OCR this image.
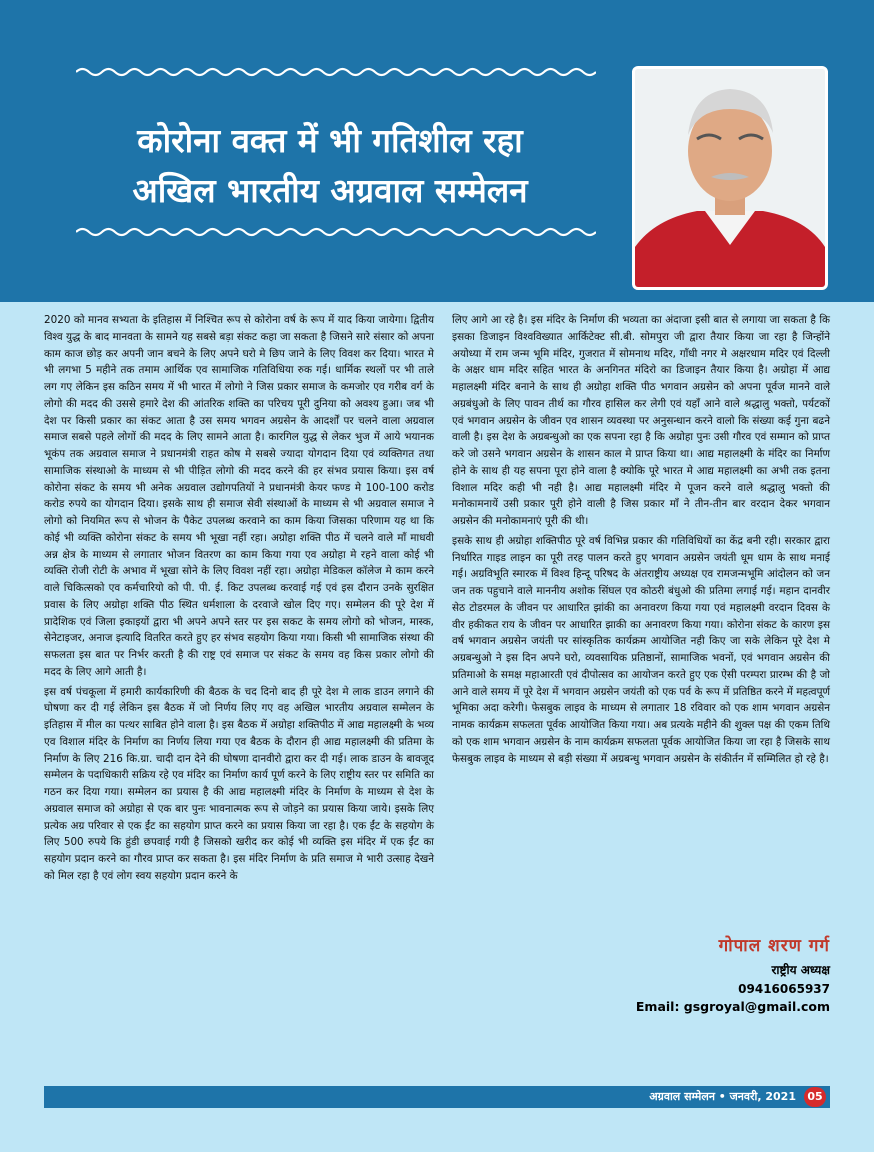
कोरोना वक्त में भी गतिशील रहा
अखिल भारतीय अग्रवाल सम्मेलन

2020 को मानव सभ्यता के इतिहास में निश्चित रूप से कोरोना वर्ष के रूप में याद किया जायेगा। द्वितीय विश्व युद्ध के बाद मानवता के सामने यह सबसे बड़ा संकट कहा जा सकता है जिसने सारे संसार को अपना काम काज छोड़ कर अपनी जान बचने के लिए अपने घरो मे छिप जाने के लिए विवश कर दिया। भारत मे भी लगभा 5 महीने तक तमाम आर्थिक एव सामाजिक गतिविधिया रुक गई। धार्मिक स्थलों पर भी ताले लग गए लेकिन इस कठिन समय में भी भारत में लोगो ने जिस प्रकार समाज के कमजोर एव गरीब वर्ग के लोगो की मदद की उससे हमारे देश की आंतरिक शक्ति का परिचय पूरी दुनिया को अवश्य हुआ। जब भी देश पर किसी प्रकार का संकट आता है उस समय भगवन अग्रसेन के आदर्शों पर चलने वाला अग्रवाल समाज सबसे पहले लोगों की मदद के लिए सामने आता है। कारगिल युद्ध से लेकर भुज में आये भयानक भूकंप तक अग्रवाल समाज ने प्रधानमंत्री राहत कोष मे सबसे ज्यादा योगदान दिया एवं व्यक्तिगत तथा सामाजिक संस्थाओ के माध्यम से भी पीड़ित लोगो की मदद करने की हर संभव प्रयास किया। इस वर्ष कोरोना संकट के समय भी अनेक अग्रवाल उद्योगपतियों ने प्रधानमंत्री केयर फण्ड मे 100-100 करोड करोड रुपये का योगदान दिया। इसके साथ ही समाज सेवी संस्थाओं के माध्यम से भी अग्रवाल समाज ने लोगो को नियमित रूप से भोजन के पैकेट उपलब्ध करवाने का काम किया जिसका परिणाम यह था कि कोई भी व्यक्ति कोरोना संकट के समय भी भूखा नहीं रहा। अग्रोहा शक्ति पीठ में चलने वाले माँ माधवी अन्न क्षेत्र के माध्यम से लगातार भोजन वितरण का काम किया गया एव अग्रोहा मे रहने वाला कोई भी व्यक्ति रोजी रोटी के अभाव में भूखा सोने के लिए विवश नहीं रहा। अग्रोहा मेडिकल कॉलेज मे काम करने वाले चिकित्सको एव कर्मचारियो को पी. पी. ई. किट उपलब्ध करवाई गई एवं इस दौरान उनके सुरक्षित प्रवास के लिए अग्रोहा शक्ति पीठ स्थित धर्मशाला के दरवाजे खोल दिए गए। सम्मेलन की पूरे देश में प्रादेशिक एवं जिला इकाइयों द्वारा भी अपने अपने स्तर पर इस सकट के समय लोगो को भोजन, मास्क, सेनेटाइजर, अनाज इत्यादि वितरित करते हुए हर संभव सहयोग किया गया। किसी भी सामाजिक संस्था की सफलता इस बात पर निर्भर करती है की राष्ट्र एवं समाज पर संकट के समय वह किस प्रकार लोगो की मदद के लिए आगे आती है।

इस वर्ष पंचकूला में हमारी कार्यकारिणी की बैठक के चद दिनो बाद ही पूरे देश मे लाक डाउन लगाने की घोषणा कर दी गई लेकिन इस बैठक में जो निर्णय लिए गए वह अखिल भारतीय अग्रवाल सम्मेलन के इतिहास में मील का पत्थर साबित होने वाला है। इस बैठक में अग्रोहा शक्तिपीठ में आद्य महालक्ष्मी के भव्य एव विशाल मंदिर के निर्माण का निर्णय लिया गया एव बैठक के दौरान ही आद्य महालक्ष्मी की प्रतिमा के निर्माण के लिए 216 कि.ग्रा. चादी दान देने की घोषणा दानवीरो द्वारा कर दी गई। लाक डाउन के बावजूद सम्मेलन के पदाधिकारी सक्रिय रहे एव मंदिर का निर्माण कार्य पूर्ण करने के लिए राष्ट्रीय स्तर पर समिति का गठन कर दिया गया। सम्मेलन का प्रयास है की आद्य महालक्ष्मी मंदिर के निर्माण के माध्यम से देश के अग्रवाल समाज को अग्रोहा से एक बार पुनः भावनात्मक रूप से जोड़ने का प्रयास किया जाये। इसके लिए प्रत्येक अग्र परिवार से एक ईंट का सहयोग प्राप्त करने का प्रयास किया जा रहा है। एक ईंट के सहयोग के लिए 500 रुपये कि हुंडी छपवाई गयी है जिसको खरीद कर कोई भी व्यक्ति इस मंदिर में एक ईंट का सहयोग प्रदान करने का गौरव प्राप्त कर सकता है। इस मंदिर निर्माण के प्रति समाज मे भारी उत्साह देखने को मिल रहा है एवं लोग स्वय सहयोग प्रदान करने के

लिए आगे आ रहे है। इस मंदिर के निर्माण की भव्यता का अंदाजा इसी बात से लगाया जा सकता है कि इसका डिजाइन विश्वविख्यात आर्किटेक्ट सी.बी. सोमपुरा जी द्वारा तैयार किया जा रहा है जिन्होंने अयोध्या में राम जन्म भूमि मंदिर, गुजरात में सोमनाथ मदिर, गाँधी नगर मे अक्षरधाम मदिर एवं दिल्ली के अक्षर धाम मदिर सहित भारत के अनगिनत मंदिरो का डिजाइन तैयार किया है। अग्रोहा में आद्य महालक्ष्मी मंदिर बनाने के साथ ही अग्रोहा शक्ति पीठ भगवान अग्रसेन को अपना पूर्वज मानने वाले अग्रबंधुओ के लिए पावन तीर्थ का गौरव हासिल कर लेगी एवं यहाँ आने वाले श्रद्धालु भक्तो, पर्यटकों एवं भगवान अग्रसेन के जीवन एव शासन व्यवस्था पर अनुसन्धान करने वालो कि संख्या कई गुना बढने वाली है। इस देश के अग्रबन्धुओ का एक सपना रहा है कि अग्रोहा पुनः उसी गौरव एवं सम्मान को प्राप्त करे जो उसने भगवान अग्रसेन के शासन काल मे प्राप्त किया था। आद्य महालक्ष्मी के मंदिर का निर्माण होने के साथ ही यह सपना पूरा होने वाला है क्योकि पूरे भारत मे आद्य महालक्ष्मी का अभी तक इतना विशाल मदिर कही भी नही है। आद्य महालक्ष्मी मंदिर मे पूजन करने वाले श्रद्धालु भक्तो की मनोकामनायें उसी प्रकार पूरी होने वाली है जिस प्रकार माँ ने तीन-तीन बार वरदान देकर भगवान अग्रसेन की मनोकामनाएं पूरी की थी।

इसके साथ ही अग्रोहा शक्तिपीठ पूरे वर्ष विभिन्न प्रकार की गतिविधियों का केंद्र बनी रही। सरकार द्वारा निर्धारित गाइड लाइन का पूरी तरह पालन करते हुए भगवान अग्रसेन जयंती धूम धाम के साथ मनाई गई। अग्रविभूति स्मारक में विश्व हिन्दू परिषद के अंतराष्ट्रीय अध्यक्ष एव रामजन्मभूमि आंदोलन को जन जन तक पहुचाने वाले माननीय अशोक सिंघल एव कोठरी बंधुओ की प्रतिमा लगाई गई। महान दानवीर सेठ टोडरमल के जीवन पर आधारित झांकी का अनावरण किया गया एवं महालक्ष्मी वरदान दिवस के वीर हकीकत राय के जीवन पर आधारित झाकी का अनावरण किया गया। कोरोना संकट के कारण इस वर्ष भगवान अग्रसेन जयंती पर सांस्कृतिक कार्यक्रम आयोजित नही किए जा सके लेकिन पूरे देश मे अग्रबन्धुओ ने इस दिन अपने घरो, व्यवसायिक प्रतिष्ठानों, सामाजिक भवनों, एवं भगवान अग्रसेन की प्रतिमाओ के समक्ष महाआरती एवं दीपोत्सव का आयोजन करते हुए एक ऐसी परम्परा प्रारम्भ की है जो आने वाले समय में पूरे देश में भगवान अग्रसेन जयंती को एक पर्व के रूप में प्रतिष्ठित करने में महत्वपूर्ण भूमिका अदा करेगी। फेसबुक लाइव के माध्यम से लगातार 18 रविवार को एक शाम भगवान अग्रसेन नामक कार्यक्रम सफलता पूर्वक आयोजित किया गया। अब प्रत्यके महीने की शुक्ल पक्ष की एकम तिथि को एक शाम भगवान अग्रसेन के नाम कार्यक्रम सफलता पूर्वक आयोजित किया जा रहा है जिसके साथ फेसबुक लाइव के माध्यम से बड़ी संख्या में अग्रबन्धु भगवान अग्रसेन के संकीर्तन में सम्मिलित हो रहे है।

गोपाल शरण गर्ग
राष्ट्रीय अध्यक्ष
09416065937
Email: gsgroyal@gmail.com
अग्रवाल सम्मेलन • जनवरी, 2021	05
